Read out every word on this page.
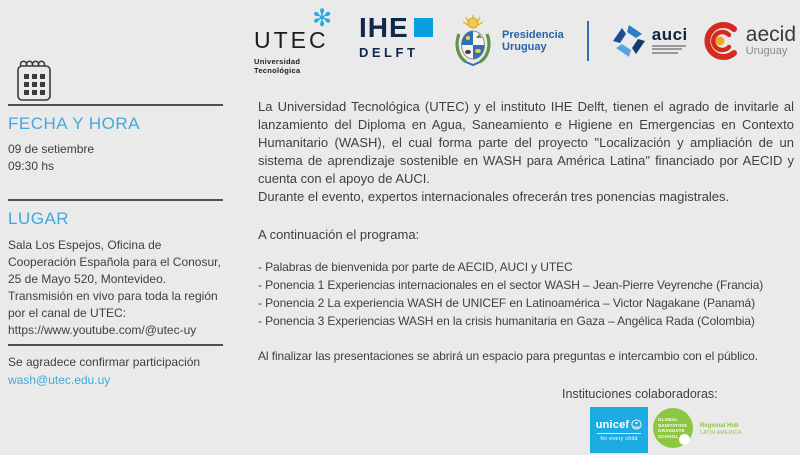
✻
UTEC
Universidad Tecnológica
IHE
DELFT
Presidencia
Uruguay
auci	aecid
Uruguay
FECHA Y HORA
09 de setiembre
09:30 hs
LUGAR
Sala Los Espejos, Oficina de Cooperación Española para el Conosur, 25 de Mayo 520, Montevideo.
Transmisión en vivo para toda la región por el canal de UTEC:
https://www.youtube.com/@utec-uy
Se agradece confirmar participación
wash@utec.edu.uy
La Universidad Tecnológica (UTEC) y el instituto IHE Delft, tienen el agrado de invitarle al lanzamiento del Diploma en Agua, Saneamiento e Higiene en Emergencias en Contexto Humanitario (WASH), el cual forma parte del proyecto "Localización y ampliación de un sistema de aprendizaje sostenible en WASH para América Latina" financiado por AECID y cuenta con el apoyo de AUCI.
Durante el evento, expertos internacionales ofrecerán tres ponencias magistrales.
A continuación el programa:
- Palabras de bienvenida por parte de AECID, AUCI y UTEC
- Ponencia 1 Experiencias internacionales en el sector WASH – Jean-Pierre Veyrenche (Francia)
- Ponencia 2 La experiencia WASH de UNICEF en Latinoamérica – Victor Nagakane (Panamá)
- Ponencia 3 Experiencias WASH en la crisis humanitaria en Gaza – Angélica Rada (Colombia)
Al finalizar las presentaciones se abrirá un espacio para preguntas e intercambio con el público.
Instituciones colaboradoras:
unicef
for every child
GLOBAL
SANITATION
GRADUATE
SCHOOL
Regional Hub
LATIN AMERICA
